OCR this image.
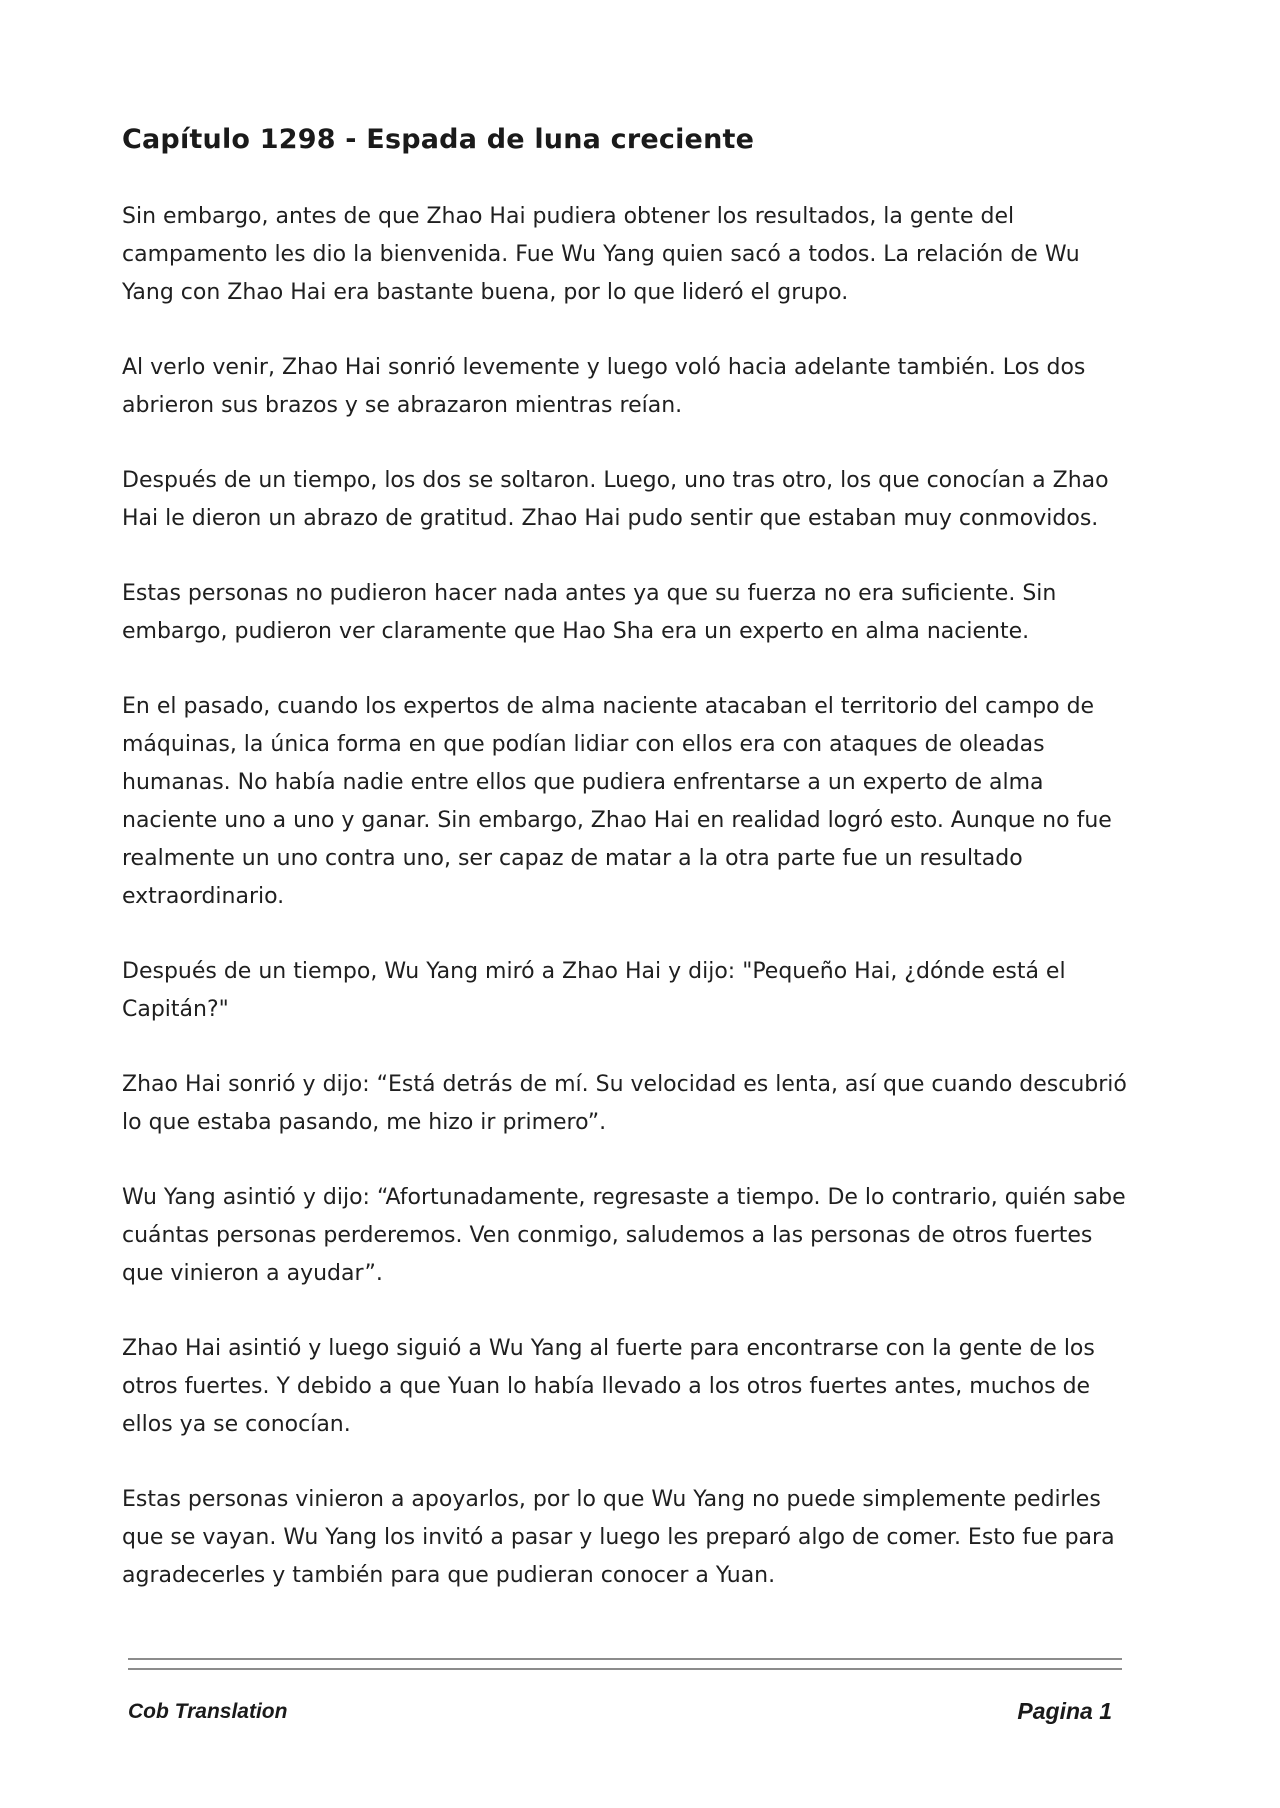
Capítulo 1298 - Espada de luna creciente

Sin embargo, antes de que Zhao Hai pudiera obtener los resultados, la gente del campamento les dio la bienvenida. Fue Wu Yang quien sacó a todos. La relación de Wu Yang con Zhao Hai era bastante buena, por lo que lideró el grupo.

Al verlo venir, Zhao Hai sonrió levemente y luego voló hacia adelante también. Los dos abrieron sus brazos y se abrazaron mientras reían.

Después de un tiempo, los dos se soltaron. Luego, uno tras otro, los que conocían a Zhao Hai le dieron un abrazo de gratitud. Zhao Hai pudo sentir que estaban muy conmovidos.

Estas personas no pudieron hacer nada antes ya que su fuerza no era suficiente. Sin embargo, pudieron ver claramente que Hao Sha era un experto en alma naciente.

En el pasado, cuando los expertos de alma naciente atacaban el territorio del campo de máquinas, la única forma en que podían lidiar con ellos era con ataques de oleadas humanas. No había nadie entre ellos que pudiera enfrentarse a un experto de alma naciente uno a uno y ganar. Sin embargo, Zhao Hai en realidad logró esto. Aunque no fue realmente un uno contra uno, ser capaz de matar a la otra parte fue un resultado extraordinario.

Después de un tiempo, Wu Yang miró a Zhao Hai y dijo: "Pequeño Hai, ¿dónde está el Capitán?"

Zhao Hai sonrió y dijo: “Está detrás de mí. Su velocidad es lenta, así que cuando descubrió lo que estaba pasando, me hizo ir primero”.

Wu Yang asintió y dijo: “Afortunadamente, regresaste a tiempo. De lo contrario, quién sabe cuántas personas perderemos. Ven conmigo, saludemos a las personas de otros fuertes que vinieron a ayudar”.

Zhao Hai asintió y luego siguió a Wu Yang al fuerte para encontrarse con la gente de los otros fuertes. Y debido a que Yuan lo había llevado a los otros fuertes antes, muchos de ellos ya se conocían.

Estas personas vinieron a apoyarlos, por lo que Wu Yang no puede simplemente pedirles que se vayan. Wu Yang los invitó a pasar y luego les preparó algo de comer. Esto fue para agradecerles y también para que pudieran conocer a Yuan.

Cob Translation	Pagina 1
